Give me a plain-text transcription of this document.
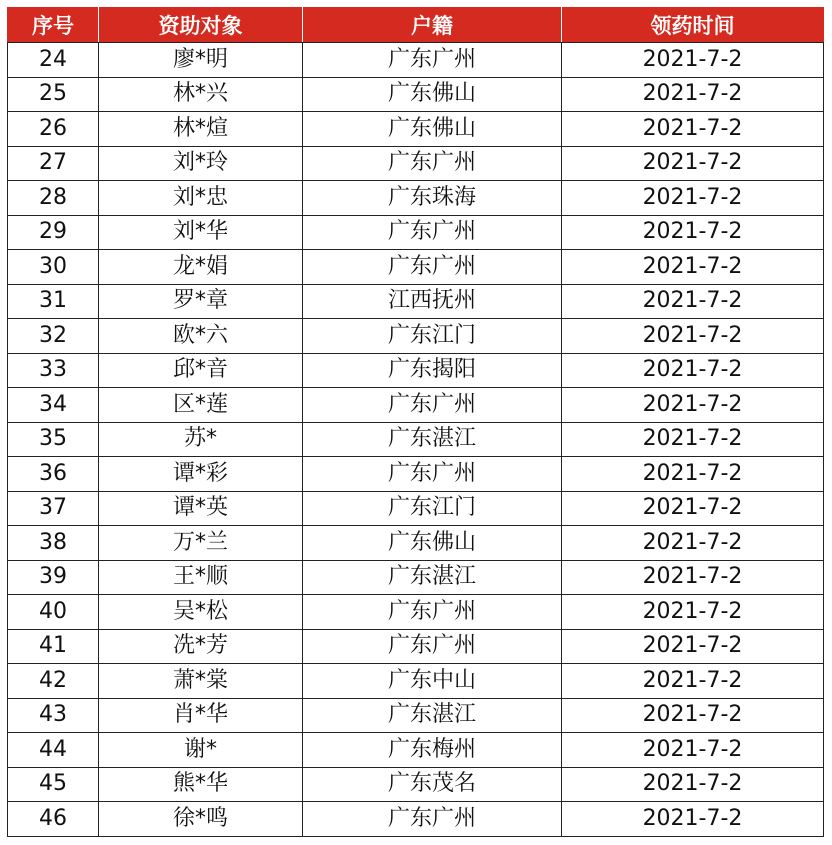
序号	资助对象	户籍	领药时间
24	廖*明	广东广州	2021-7-2
25	林*兴	广东佛山	2021-7-2
26	林*煊	广东佛山	2021-7-2
27	刘*玲	广东广州	2021-7-2
28	刘*忠	广东珠海	2021-7-2
29	刘*华	广东广州	2021-7-2
30	龙*娟	广东广州	2021-7-2
31	罗*章	江西抚州	2021-7-2
32	欧*六	广东江门	2021-7-2
33	邱*音	广东揭阳	2021-7-2
34	区*莲	广东广州	2021-7-2
35	苏*	广东湛江	2021-7-2
36	谭*彩	广东广州	2021-7-2
37	谭*英	广东江门	2021-7-2
38	万*兰	广东佛山	2021-7-2
39	王*顺	广东湛江	2021-7-2
40	吴*松	广东广州	2021-7-2
41	冼*芳	广东广州	2021-7-2
42	萧*棠	广东中山	2021-7-2
43	肖*华	广东湛江	2021-7-2
44	谢*	广东梅州	2021-7-2
45	熊*华	广东茂名	2021-7-2
46	徐*鸣	广东广州	2021-7-2
